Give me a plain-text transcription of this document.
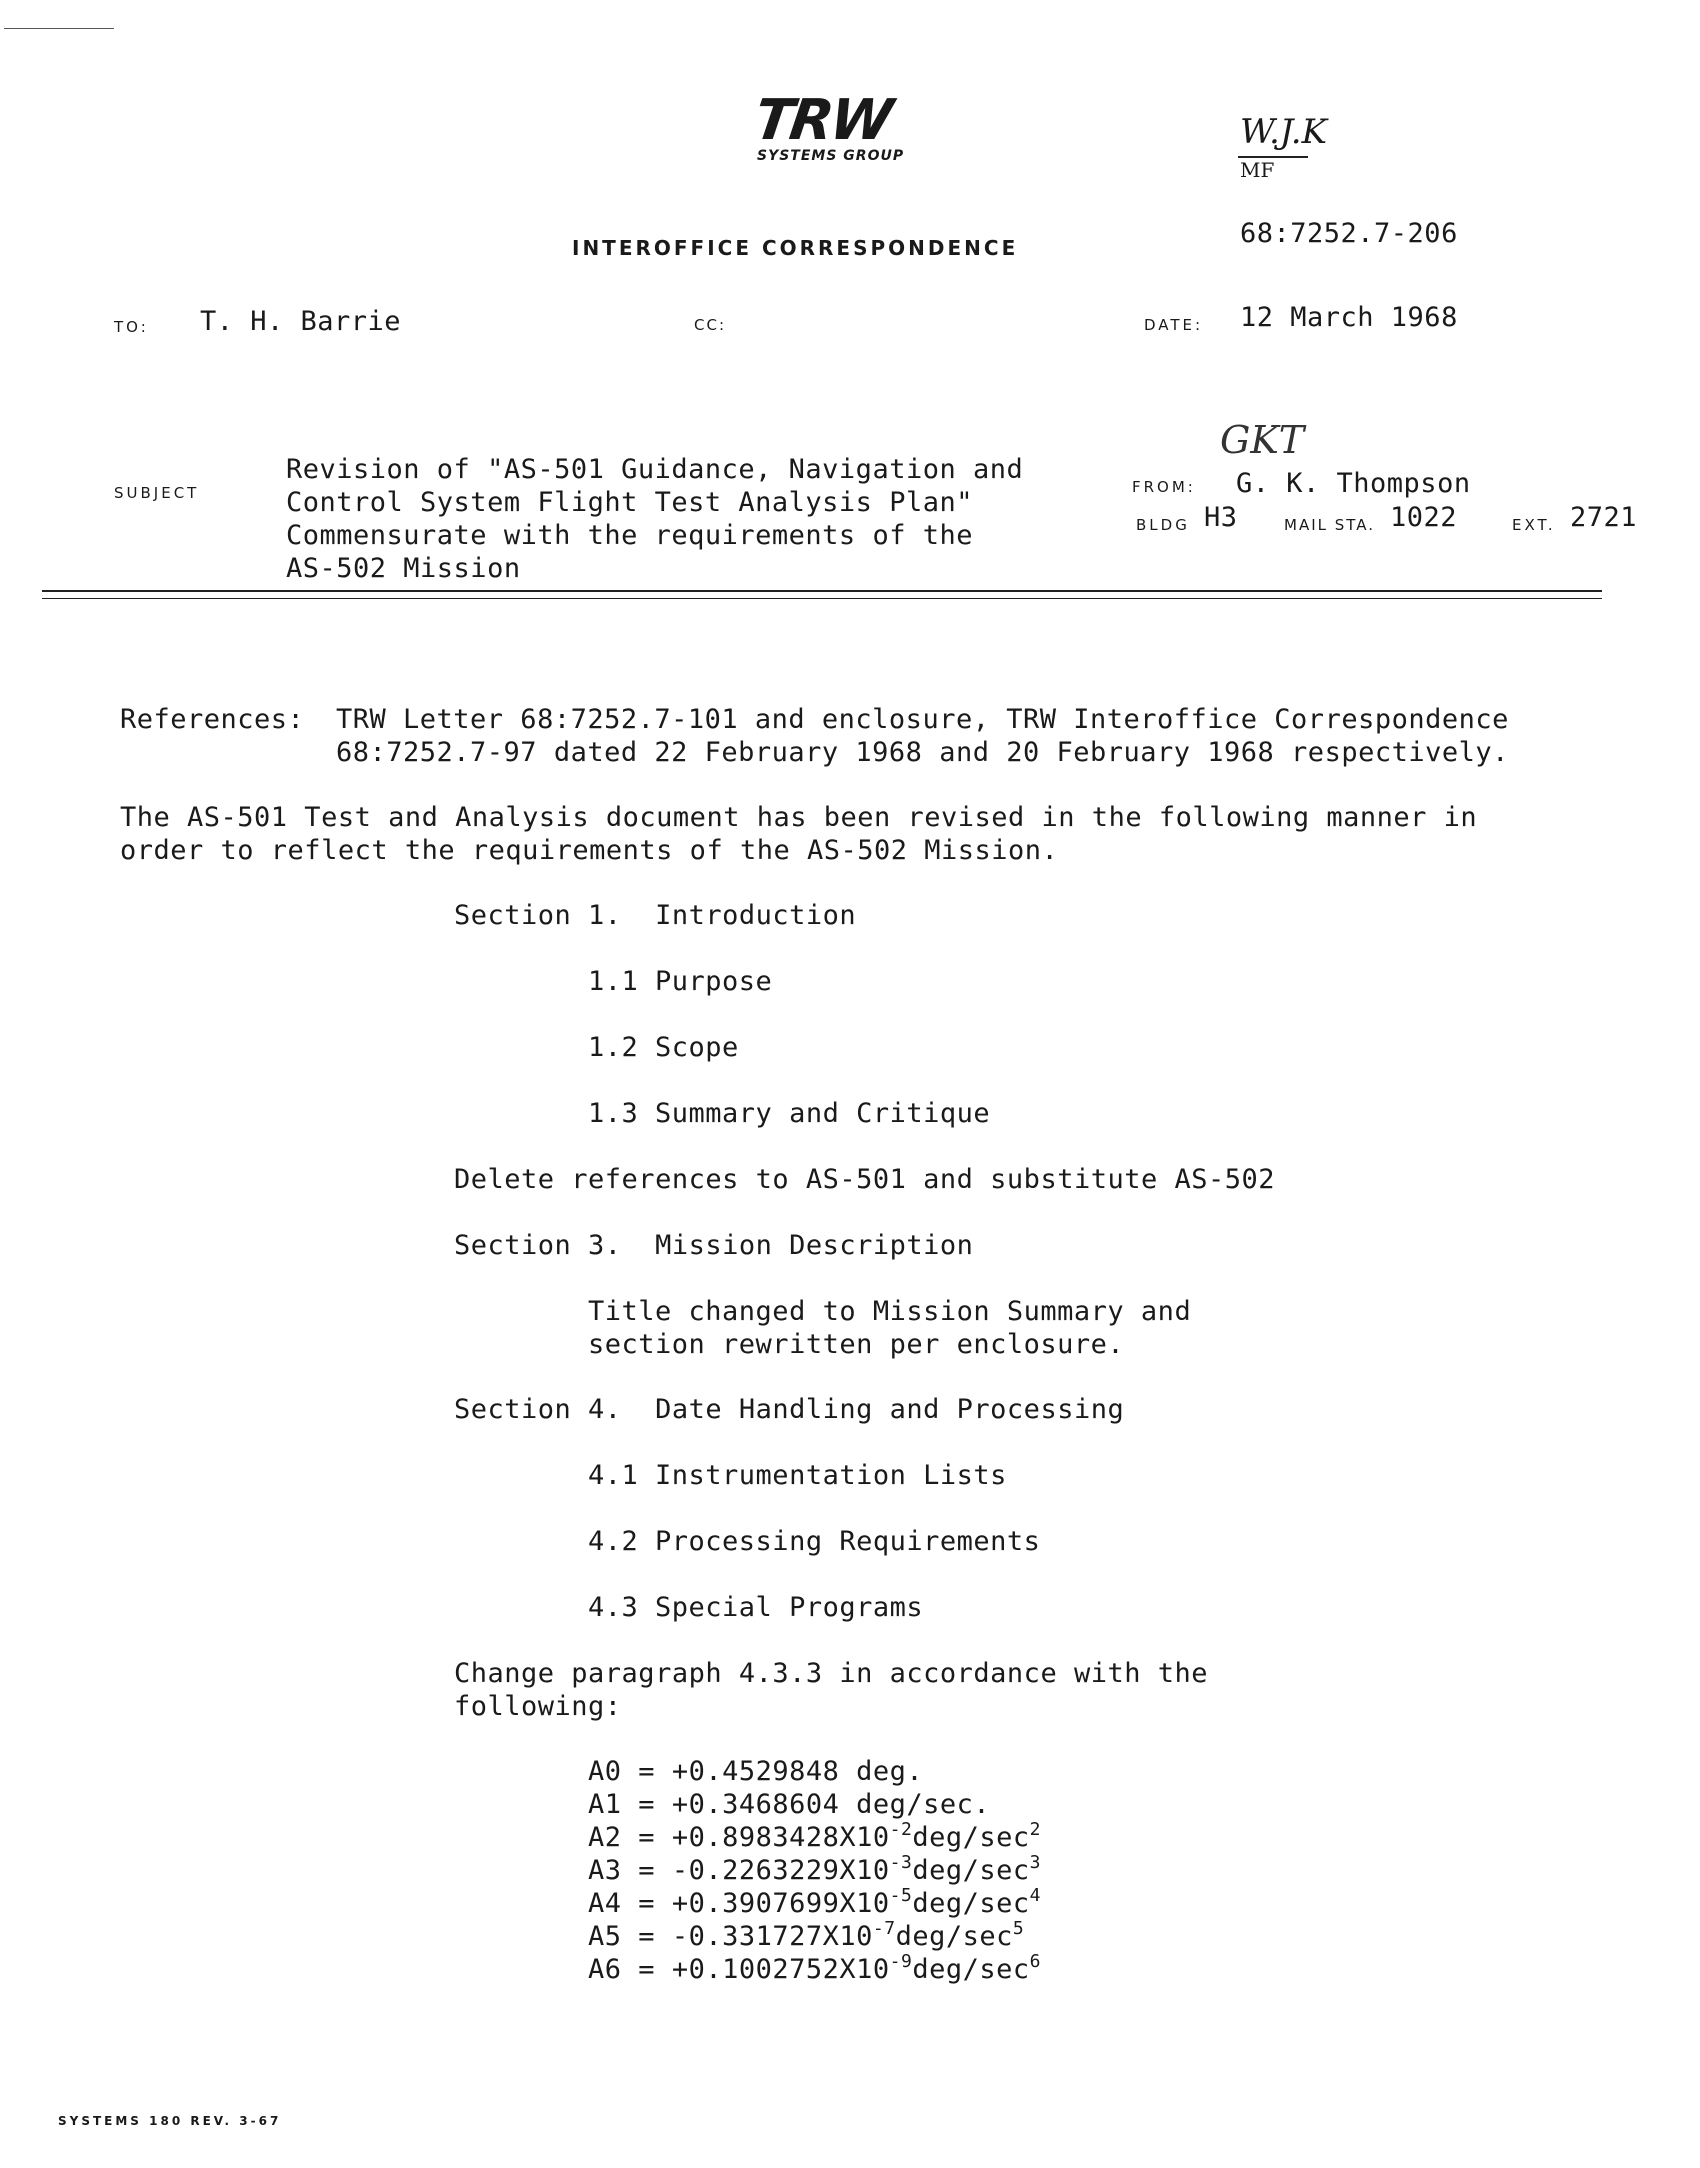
TRW
SYSTEMS GROUP
INTEROFFICE CORRESPONDENCE
W.J.K
MF
68:7252.7-206
TO: T. H. Barrie	CC:	DATE: 12 March 1968
SUBJECT
Revision of "AS-501 Guidance, Navigation and
Control System Flight Test Analysis Plan"
Commensurate with the requirements of the
AS-502 Mission
GKT
FROM: G. K. Thompson
BLDG H3	MAIL STA. 1022	EXT. 2721
References: TRW Letter 68:7252.7-101 and enclosure, TRW Interoffice Correspondence
68:7252.7-97 dated 22 February 1968 and 20 February 1968 respectively.
The AS-501 Test and Analysis document has been revised in the following manner in
order to reflect the requirements of the AS-502 Mission.
Section 1.  Introduction
1.1 Purpose
1.2 Scope
1.3 Summary and Critique
Delete references to AS-501 and substitute AS-502
Section 3.  Mission Description
Title changed to Mission Summary and
section rewritten per enclosure.
Section 4.  Date Handling and Processing
4.1 Instrumentation Lists
4.2 Processing Requirements
4.3 Special Programs
Change paragraph 4.3.3 in accordance with the
following:
A0 = +0.4529848 deg.
A1 = +0.3468604 deg/sec.
$A2 = +0.8983428X10^{-2}deg/\sec^2$
$A3 = -0.2263229X10^{-3}deg/\sec^3$
$A4 = +0.3907699X10^{-5}deg/\sec^4$
$A5 = -0.331727X10^{-7}deg/\sec^5$
$A6 = +0.1002752X10^{-9}deg/\sec^6$
SYSTEMS 180 REV. 3-67
